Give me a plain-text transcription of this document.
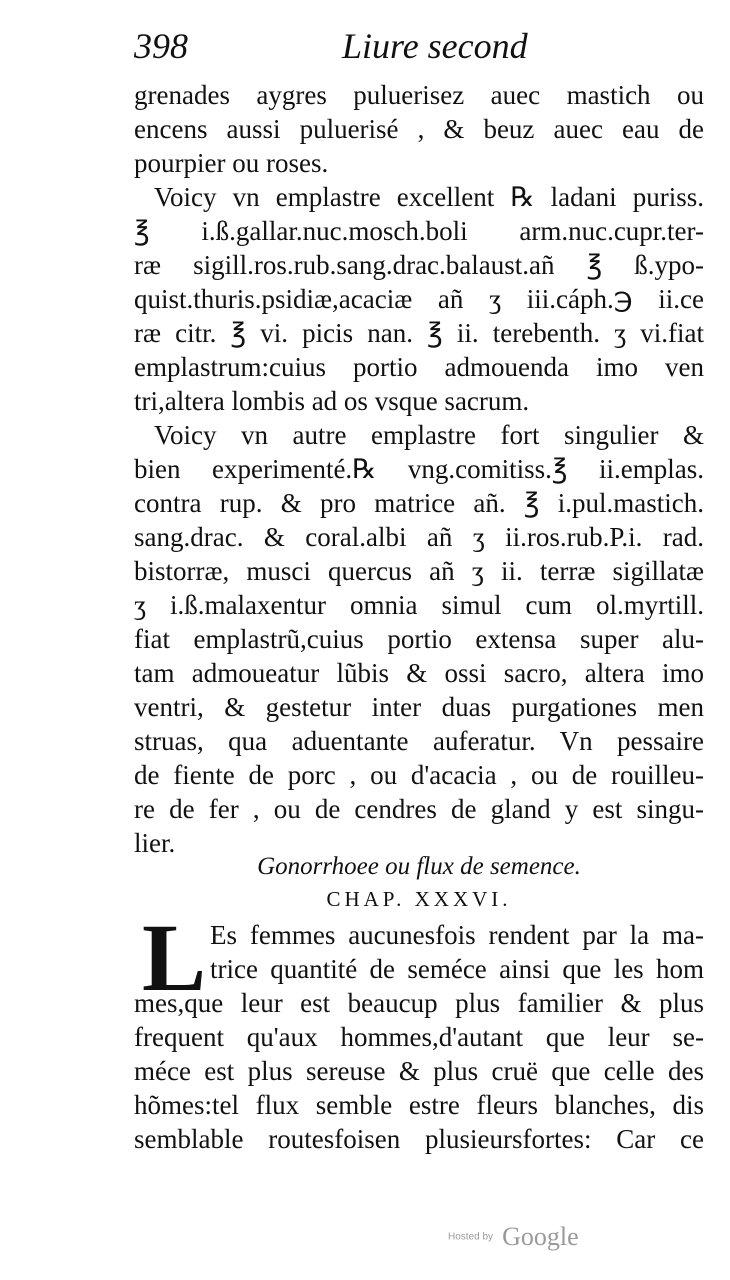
398	Liure second
grenades aygres puluerisez auec mastich ou
encens aussi puluerisé , & beuz auec eau de
pourpier ou roses.
Voicy vn emplastre excellent ℞ ladani puriss.
℥ i.ß.gallar.nuc.mosch.boli arm.nuc.cupr.ter-
ræ sigill.ros.rub.sang.drac.balaust.añ ℥ ß.ypo-
quist.thuris.psidiæ,acaciæ añ ʒ iii.cáph.℈ ii.ce
ræ citr. ℥ vi. picis nan. ℥ ii. terebenth. ʒ vi.fiat
emplastrum:cuius portio admouenda imo ven
tri,altera lombis ad os vsque sacrum.
Voicy vn autre emplastre fort singulier &
bien experimenté.℞ vng.comitiss.℥ ii.emplas.
contra rup. & pro matrice añ. ℥ i.pul.mastich.
sang.drac. & coral.albi añ ʒ ii.ros.rub.P.i. rad.
bistorræ, musci quercus añ ʒ ii. terræ sigillatæ
ʒ i.ß.malaxentur omnia simul cum ol.myrtill.
fiat emplastrũ,cuius portio extensa super alu-
tam admoueatur lũbis & ossi sacro, altera imo
ventri, & gestetur inter duas purgationes men
struas, qua aduentante auferatur. Vn pessaire
de fiente de porc , ou d'acacia , ou de rouilleu-
re de fer , ou de cendres de gland y est singu-
lier.
Gonorrhoee ou flux de semence.
CHAP. XXXVI.
L Es femmes aucunesfois rendent par la ma-
trice quantité de seméce ainsi que les hom
mes,que leur est beaucup plus familier & plus
frequent qu'aux hommes,d'autant que leur se-
méce est plus sereuse & plus cruë que celle des
hõmes:tel flux semble estre fleurs blanches, dis
semblable routesfoisen plusieursfortes: Car ce
Hosted by Google
